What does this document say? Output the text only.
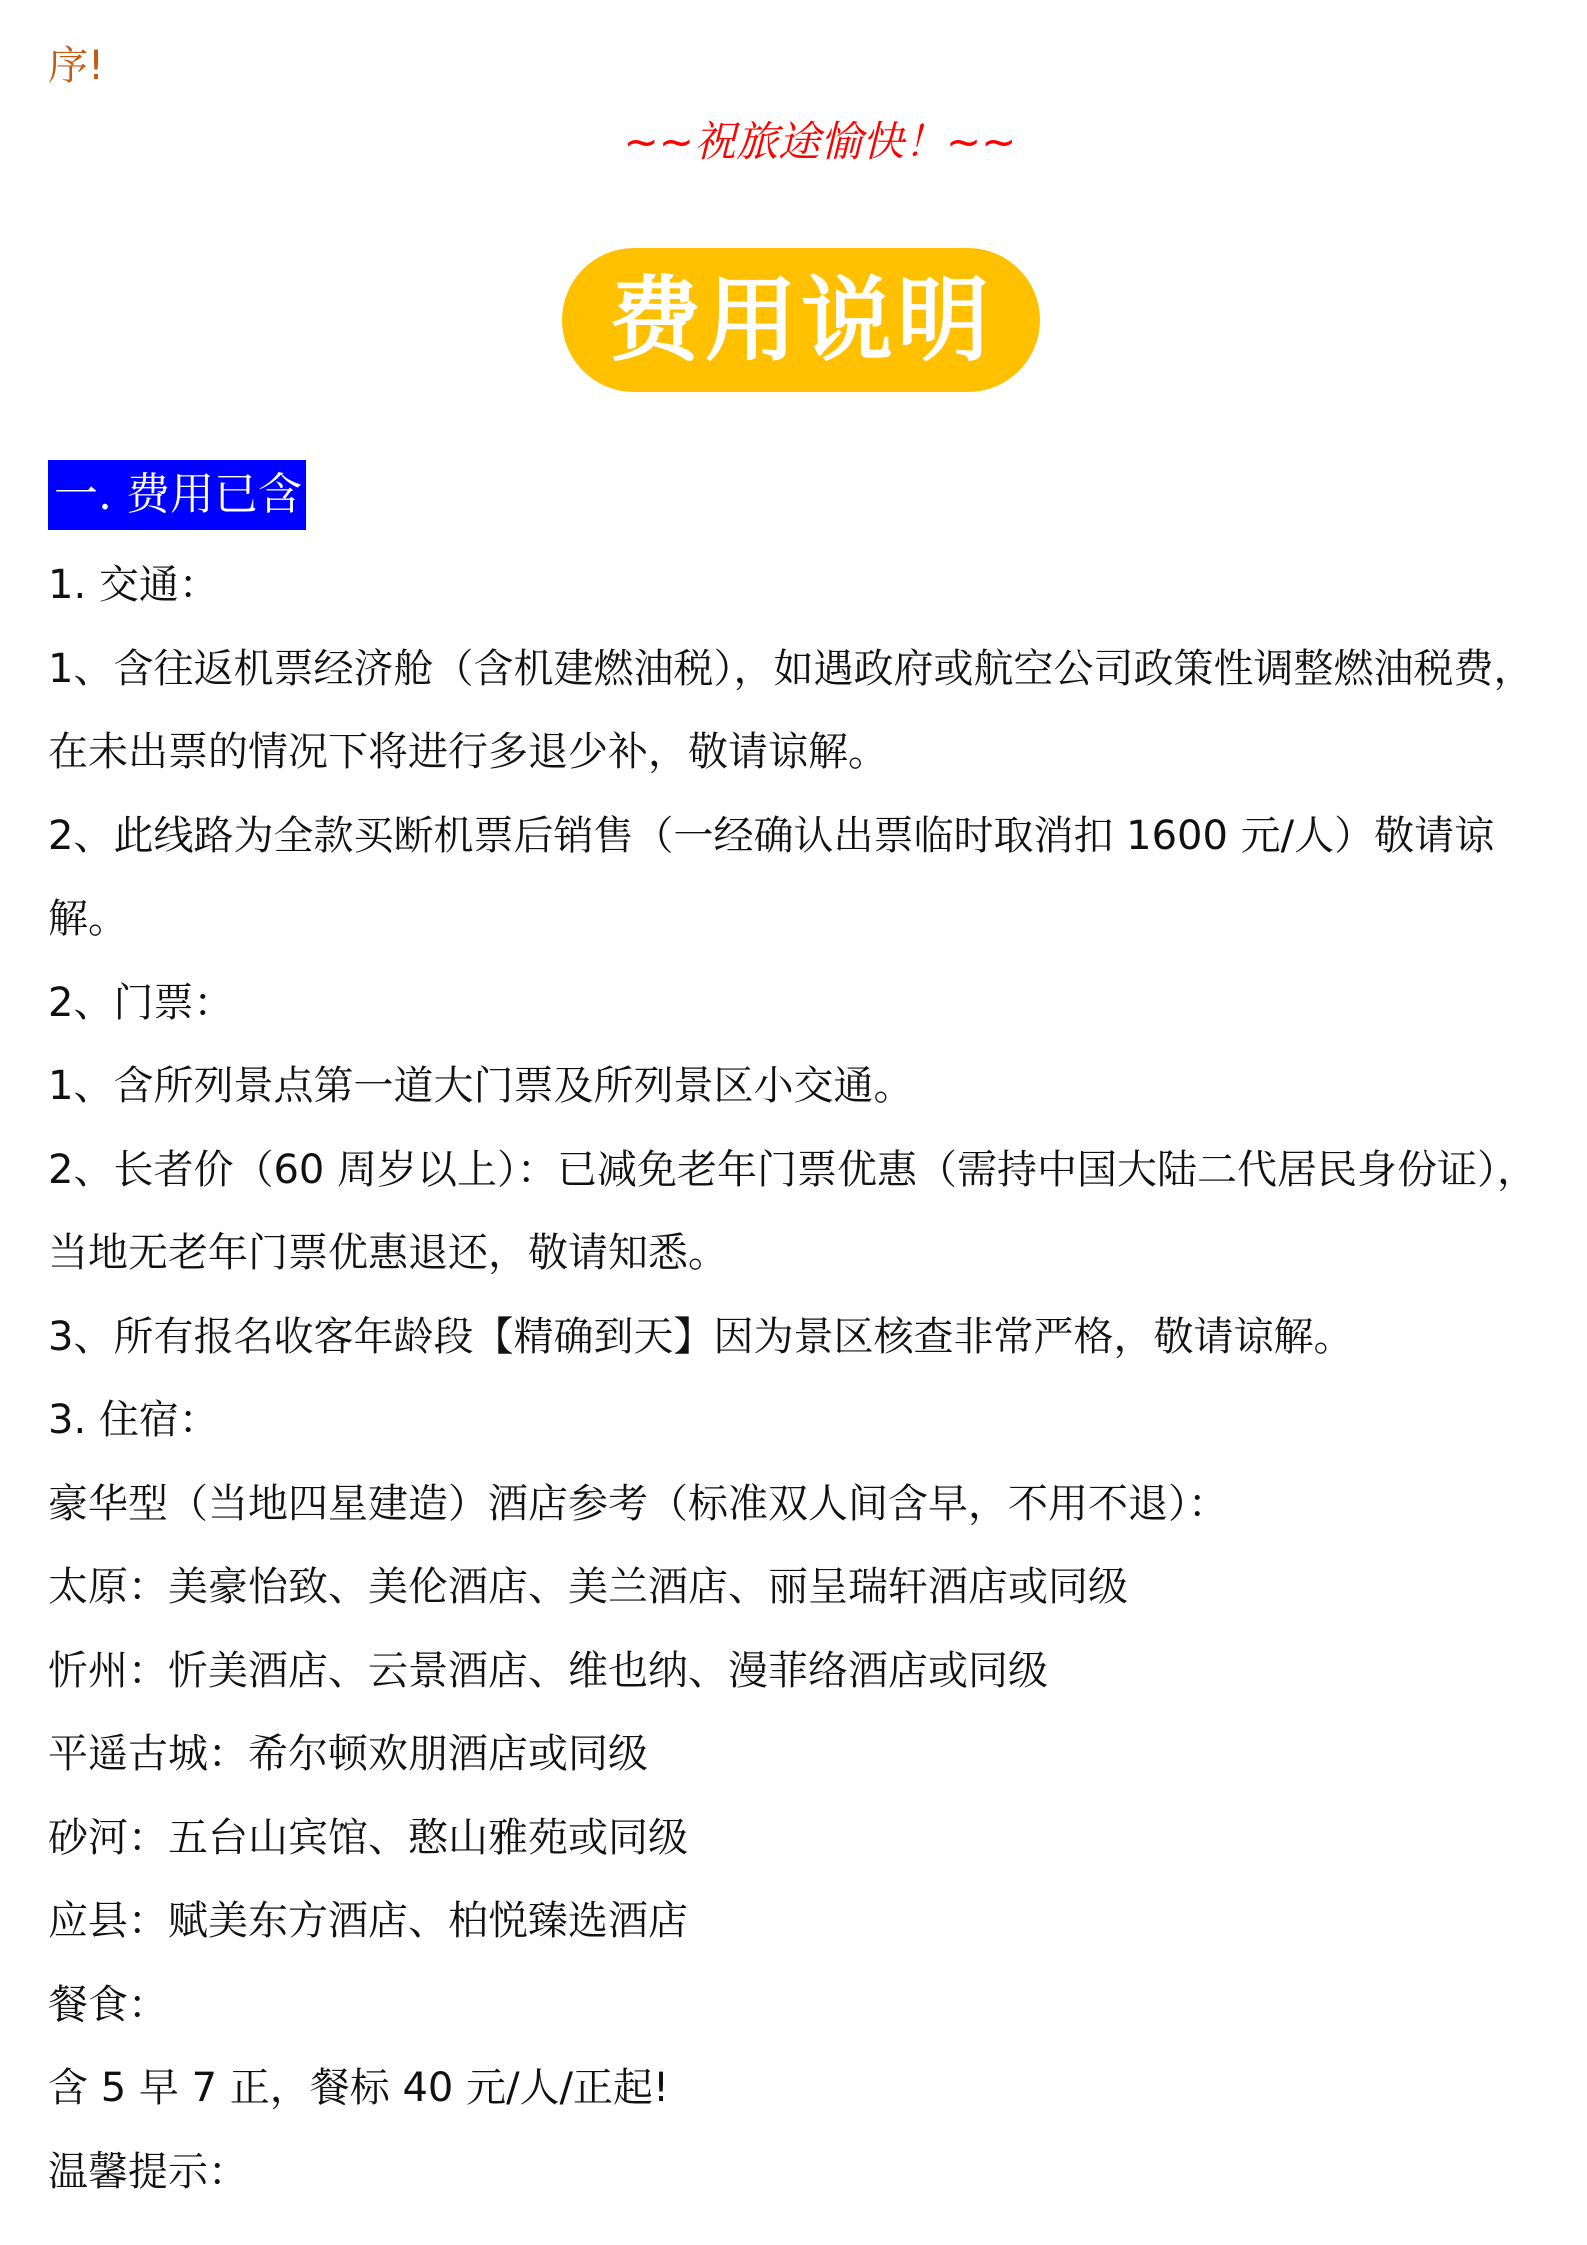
序!
~~祝旅途愉快！~~
费用说明
一. 费用已含

1. 交通：

1、含往返机票经济舱（含机建燃油税），如遇政府或航空公司政策性调整燃油税费，在未出票的情况下将进行多退少补，敬请谅解。

2、此线路为全款买断机票后销售（一经确认出票临时取消扣 1600 元/人）敬请谅解。

2、门票：

1、含所列景点第一道大门票及所列景区小交通。

2、长者价（60 周岁以上）：已减免老年门票优惠（需持中国大陆二代居民身份证），当地无老年门票优惠退还，敬请知悉。

3、所有报名收客年龄段【精确到天】因为景区核查非常严格，敬请谅解。

3. 住宿：

豪华型（当地四星建造）酒店参考（标准双人间含早，不用不退）：

太原：美豪怡致、美伦酒店、美兰酒店、丽呈瑞轩酒店或同级

忻州：忻美酒店、云景酒店、维也纳、漫菲络酒店或同级

平遥古城：希尔顿欢朋酒店或同级

砂河：五台山宾馆、憨山雅苑或同级

应县：赋美东方酒店、柏悦臻选酒店

餐食：

含 5 早 7 正，餐标 40 元/人/正起!

温馨提示：
